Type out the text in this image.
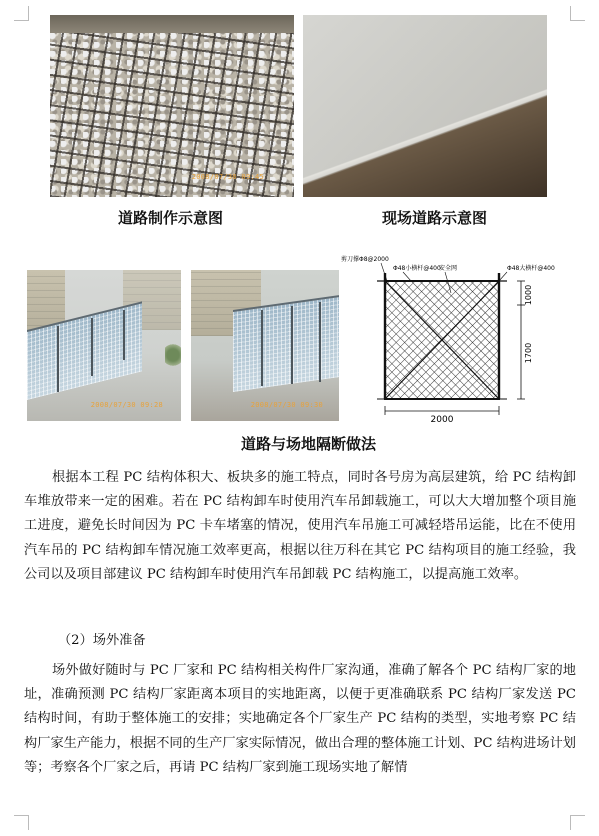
2008/07/30 09:45
道路制作示意图	现场道路示意图
2008/07/30 09:28	2008/07/30 09:30
剪刀撑Φ8@2000
Φ48小横杆@400
安全网	Φ48大横杆@400
1000
1700
2000
道路与场地隔断做法

根据本工程 PC 结构体积大、板块多的施工特点，同时各号房为高层建筑，给 PC 结构卸车堆放带来一定的困难。若在 PC 结构卸车时使用汽车吊卸载施工，可以大大增加整个项目施工进度，避免长时间因为 PC 卡车堵塞的情况，使用汽车吊施工可减轻塔吊运能，比在不使用汽车吊的 PC 结构卸车情况施工效率更高，根据以往万科在其它 PC 结构项目的施工经验，我公司以及项目部建议 PC 结构卸车时使用汽车吊卸载 PC 结构施工，以提高施工效率。

（2）场外准备

场外做好随时与 PC 厂家和 PC 结构相关构件厂家沟通，准确了解各个 PC 结构厂家的地址，准确预测 PC 结构厂家距离本项目的实地距离，以便于更准确联系 PC 结构厂家发送 PC 结构时间，有助于整体施工的安排；实地确定各个厂家生产 PC 结构的类型，实地考察 PC 结构厂家生产能力，根据不同的生产厂家实际情况，做出合理的整体施工计划、PC 结构进场计划等；考察各个厂家之后，再请 PC 结构厂家到施工现场实地了解情
